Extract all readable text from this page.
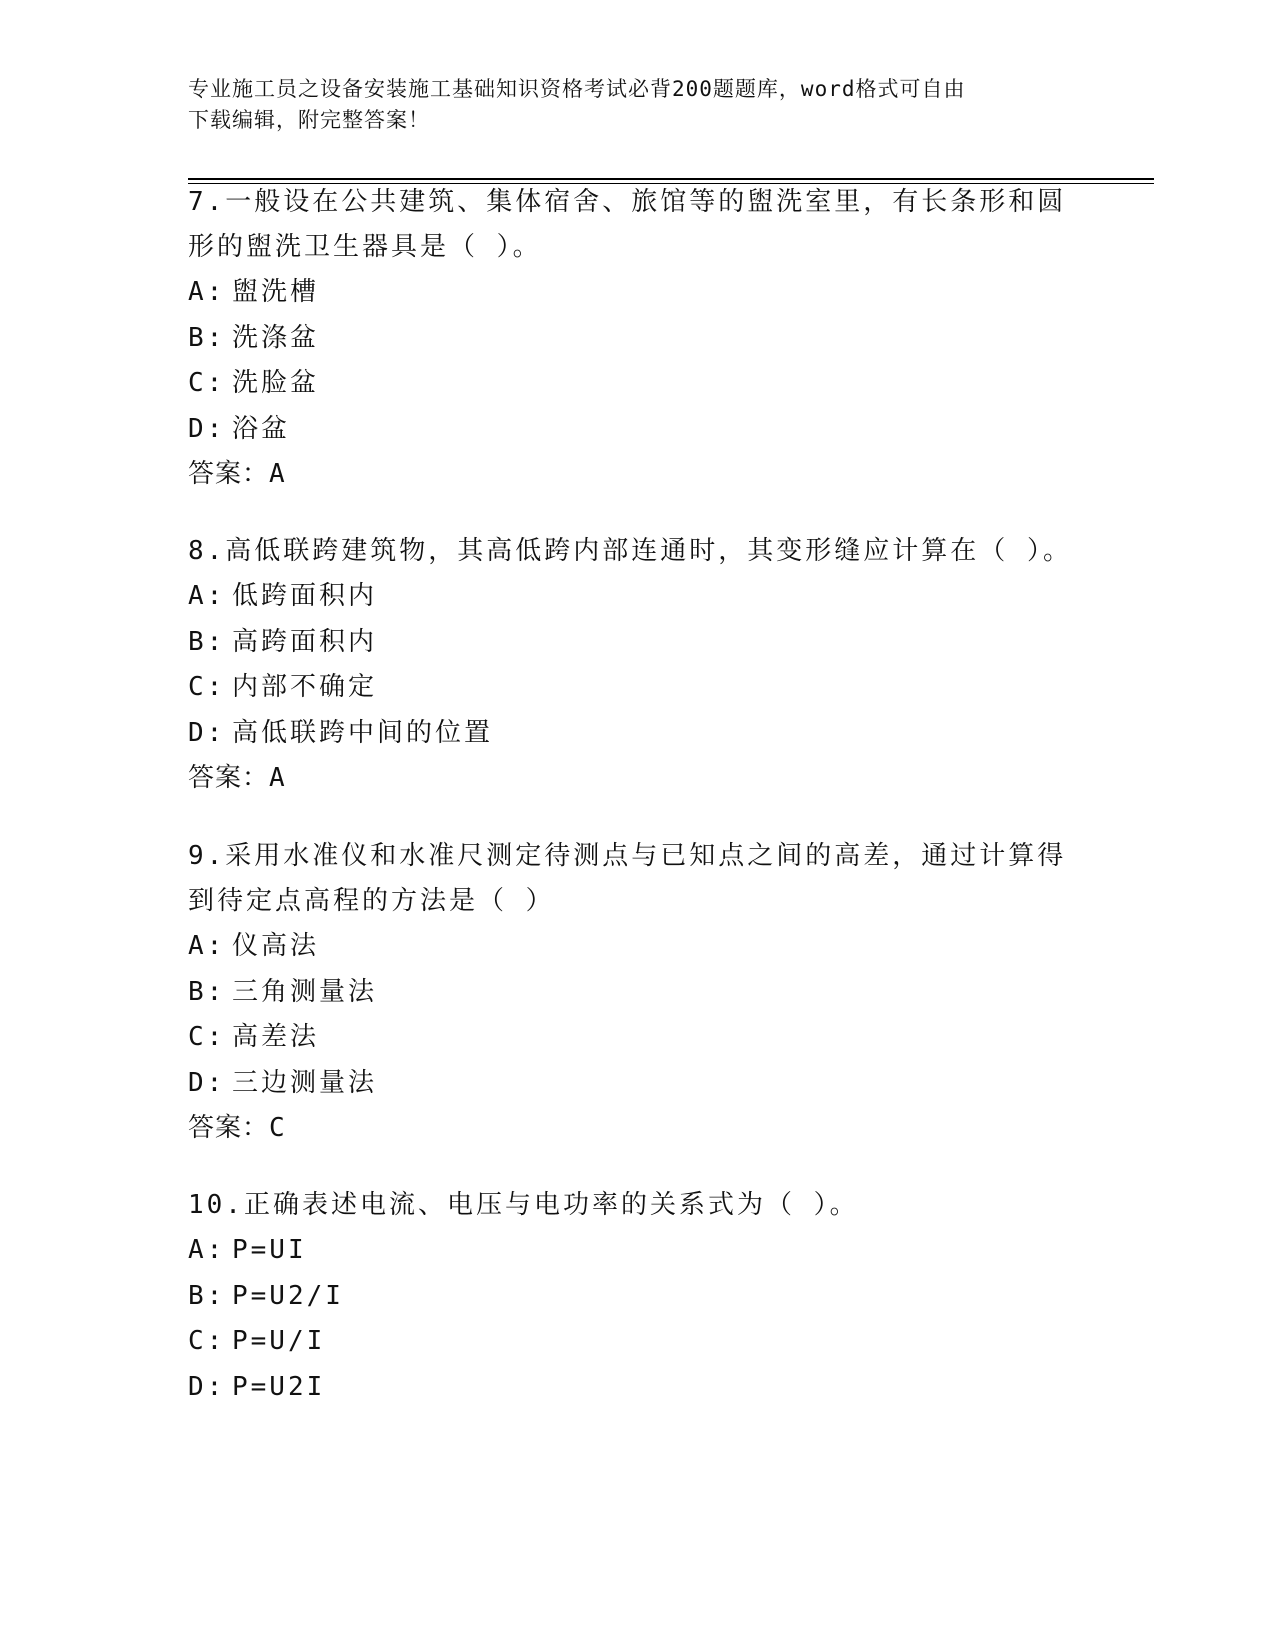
专业施工员之设备安装施工基础知识资格考试必背200题题库，word格式可自由
下载编辑，附完整答案！
7.一般设在公共建筑、集体宿舍、旅馆等的盥洗室里，有长条形和圆
形的盥洗卫生器具是（ ）。
A: 盥洗槽
B: 洗涤盆
C: 洗脸盆
D: 浴盆
答案：A
8.高低联跨建筑物，其高低跨内部连通时，其变形缝应计算在（ ）。
A: 低跨面积内
B: 高跨面积内
C: 内部不确定
D: 高低联跨中间的位置
答案：A
9.采用水准仪和水准尺测定待测点与已知点之间的高差，通过计算得
到待定点高程的方法是（ ）
A: 仪高法
B: 三角测量法
C: 高差法
D: 三边测量法
答案：C
10.正确表述电流、电压与电功率的关系式为（ ）。
A: P=UI
B: P=U2/I
C: P=U/I
D: P=U2I
